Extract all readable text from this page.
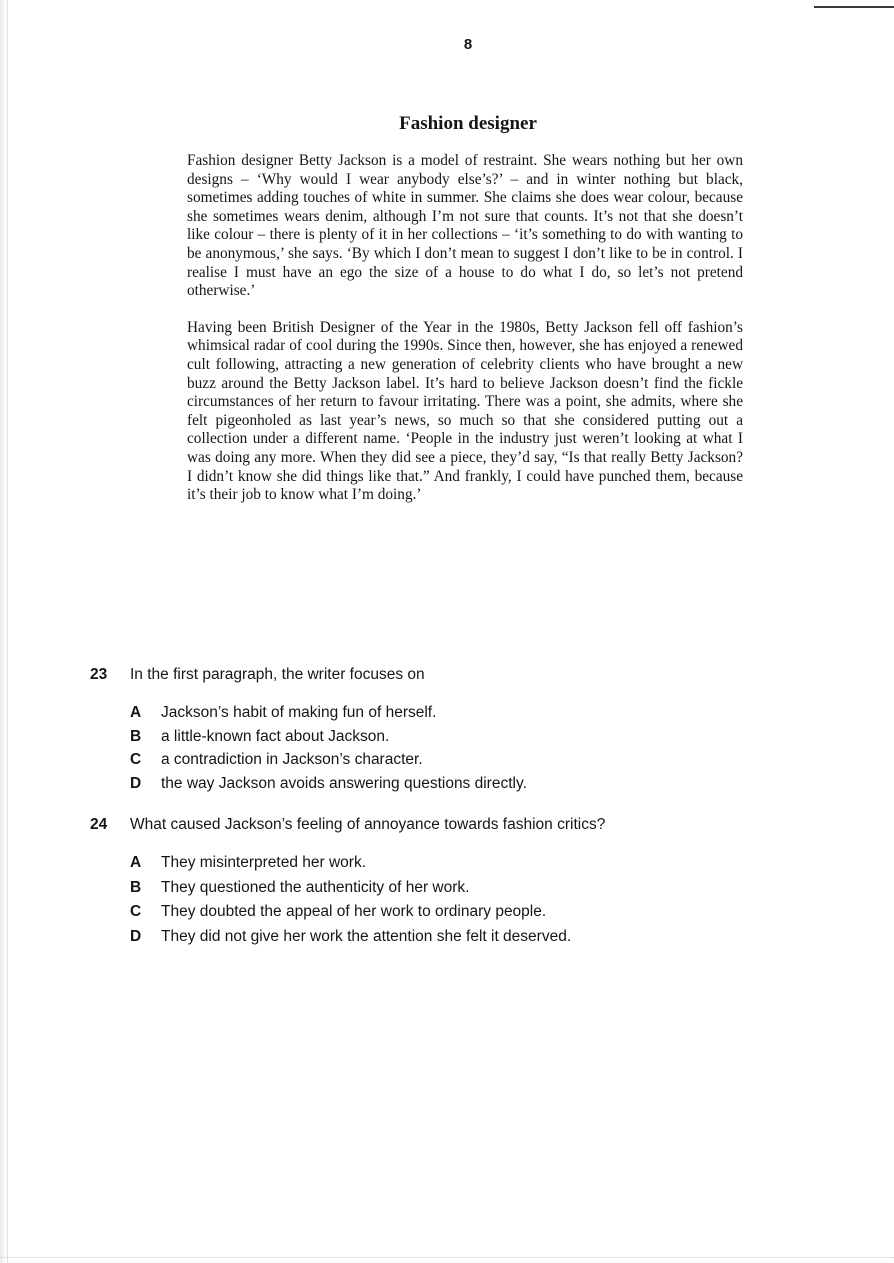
8
Fashion designer

Fashion designer Betty Jackson is a model of restraint. She wears nothing but her own designs – ‘Why would I wear anybody else’s?’ – and in winter nothing but black, sometimes adding touches of white in summer. She claims she does wear colour, because she sometimes wears denim, although I’m not sure that counts. It’s not that she doesn’t like colour – there is plenty of it in her collections – ‘it’s something to do with wanting to be anonymous,’ she says. ‘By which I don’t mean to suggest I don’t like to be in control. I realise I must have an ego the size of a house to do what I do, so let’s not pretend otherwise.’

Having been British Designer of the Year in the 1980s, Betty Jackson fell off fashion’s whimsical radar of cool during the 1990s. Since then, however, she has enjoyed a renewed cult following, attracting a new generation of celebrity clients who have brought a new buzz around the Betty Jackson label. It’s hard to believe Jackson doesn’t find the fickle circumstances of her return to favour irritating. There was a point, she admits, where she felt pigeonholed as last year’s news, so much so that she considered putting out a collection under a different name. ‘People in the industry just weren’t looking at what I was doing any more. When they did see a piece, they’d say, “Is that really Betty Jackson? I didn’t know she did things like that.” And frankly, I could have punched them, because it’s their job to know what I’m doing.’

23 In the first paragraph, the writer focuses on
A Jackson’s habit of making fun of herself.
B a little-known fact about Jackson.
C a contradiction in Jackson’s character.
D the way Jackson avoids answering questions directly.
24 What caused Jackson’s feeling of annoyance towards fashion critics?
A They misinterpreted her work.
B They questioned the authenticity of her work.
C They doubted the appeal of her work to ordinary people.
D They did not give her work the attention she felt it deserved.
